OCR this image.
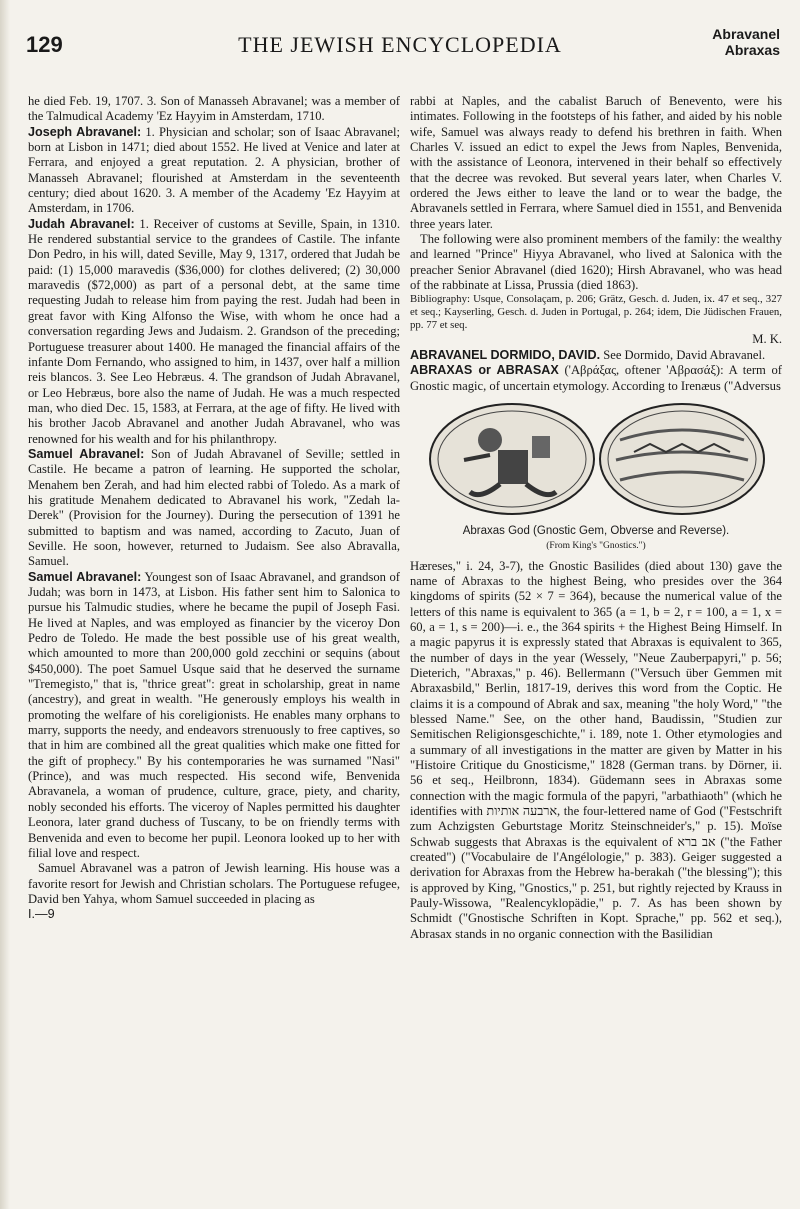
129	THE JEWISH ENCYCLOPEDIA	Abravanel
Abraxas

he died Feb. 19, 1707. 3. Son of Manasseh Abravanel; was a member of the Talmudical Academy 'Ez Hayyim in Amsterdam, 1710.

Joseph Abravanel: 1. Physician and scholar; son of Isaac Abravanel; born at Lisbon in 1471; died about 1552. He lived at Venice and later at Ferrara, and enjoyed a great reputation. 2. A physician, brother of Manasseh Abravanel; flourished at Amsterdam in the seventeenth century; died about 1620. 3. A member of the Academy 'Ez Hayyim at Amsterdam, in 1706.

Judah Abravanel: 1. Receiver of customs at Seville, Spain, in 1310. He rendered substantial service to the grandees of Castile. The infante Don Pedro, in his will, dated Seville, May 9, 1317, ordered that Judah be paid: (1) 15,000 maravedis ($36,000) for clothes delivered; (2) 30,000 maravedis ($72,000) as part of a personal debt, at the same time requesting Judah to release him from paying the rest. Judah had been in great favor with King Alfonso the Wise, with whom he once had a conversation regarding Jews and Judaism. 2. Grandson of the preceding; Portuguese treasurer about 1400. He managed the financial affairs of the infante Dom Fernando, who assigned to him, in 1437, over half a million reis blancos. 3. See Leo Hebræus. 4. The grandson of Judah Abravanel, or Leo Hebræus, bore also the name of Judah. He was a much respected man, who died Dec. 15, 1583, at Ferrara, at the age of fifty. He lived with his brother Jacob Abravanel and another Judah Abravanel, who was renowned for his wealth and for his philanthropy.

Samuel Abravanel: Son of Judah Abravanel of Seville; settled in Castile. He became a patron of learning. He supported the scholar, Menahem ben Zerah, and had him elected rabbi of Toledo. As a mark of his gratitude Menahem dedicated to Abravanel his work, "Zedah la-Derek" (Provision for the Journey). During the persecution of 1391 he submitted to baptism and was named, according to Zacuto, Juan of Seville. He soon, however, returned to Judaism. See also Abravalla, Samuel.

Samuel Abravanel: Youngest son of Isaac Abravanel, and grandson of Judah; was born in 1473, at Lisbon. His father sent him to Salonica to pursue his Talmudic studies, where he became the pupil of Joseph Fasi. He lived at Naples, and was employed as financier by the viceroy Don Pedro de Toledo. He made the best possible use of his great wealth, which amounted to more than 200,000 gold zecchini or sequins (about $450,000). The poet Samuel Usque said that he deserved the surname "Tremegisto," that is, "thrice great": great in scholarship, great in name (ancestry), and great in wealth. "He generously employs his wealth in promoting the welfare of his coreligionists. He enables many orphans to marry, supports the needy, and endeavors strenuously to free captives, so that in him are combined all the great qualities which make one fitted for the gift of prophecy." By his contemporaries he was surnamed "Nasi" (Prince), and was much respected. His second wife, Benvenida Abravanela, a woman of prudence, culture, grace, piety, and charity, nobly seconded his efforts. The viceroy of Naples permitted his daughter Leonora, later grand duchess of Tuscany, to be on friendly terms with Benvenida and even to become her pupil. Leonora looked up to her with filial love and respect.

Samuel Abravanel was a patron of Jewish learning. His house was a favorite resort for Jewish and Christian scholars. The Portuguese refugee, David ben Yahya, whom Samuel succeeded in placing as

I.—9

rabbi at Naples, and the cabalist Baruch of Benevento, were his intimates. Following in the footsteps of his father, and aided by his noble wife, Samuel was always ready to defend his brethren in faith. When Charles V. issued an edict to expel the Jews from Naples, Benvenida, with the assistance of Leonora, intervened in their behalf so effectively that the decree was revoked. But several years later, when Charles V. ordered the Jews either to leave the land or to wear the badge, the Abravanels settled in Ferrara, where Samuel died in 1551, and Benvenida three years later.

The following were also prominent members of the family: the wealthy and learned "Prince" Hiyya Abravanel, who lived at Salonica with the preacher Senior Abravanel (died 1620); Hirsh Abravanel, who was head of the rabbinate at Lissa, Prussia (died 1863).

Bibliography: Usque, Consolaçam, p. 206; Grätz, Gesch. d. Juden, ix. 47 et seq., 327 et seq.; Kayserling, Gesch. d. Juden in Portugal, p. 264; idem, Die Jüdischen Frauen, pp. 77 et seq.

M. K.

ABRAVANEL DORMIDO, DAVID. See Dormido, David Abravanel.

ABRAXAS or ABRASAX ('Αβράξας, oftener 'Αβρασάξ): A term of Gnostic magic, of uncertain etymology. According to Irenæus ("Adversus

Abraxas God (Gnostic Gem, Obverse and Reverse).
(From King's "Gnostics.")

Hæreses," i. 24, 3-7), the Gnostic Basilides (died about 130) gave the name of Abraxas to the highest Being, who presides over the 364 kingdoms of spirits (52 × 7 = 364), because the numerical value of the letters of this name is equivalent to 365 (a = 1, b = 2, r = 100, a = 1, x = 60, a = 1, s = 200)—i. e., the 364 spirits + the Highest Being Himself. In a magic papyrus it is expressly stated that Abraxas is equivalent to 365, the number of days in the year (Wessely, "Neue Zauberpapyri," p. 56; Dieterich, "Abraxas," p. 46). Bellermann ("Versuch über Gemmen mit Abraxasbild," Berlin, 1817-19, derives this word from the Coptic. He claims it is a compound of Abrak and sax, meaning "the holy Word," "the blessed Name." See, on the other hand, Baudissin, "Studien zur Semitischen Religionsgeschichte," i. 189, note 1. Other etymologies and a summary of all investigations in the matter are given by Matter in his "Histoire Critique du Gnosticisme," 1828 (German trans. by Dörner, ii. 56 et seq., Heilbronn, 1834). Güdemann sees in Abraxas some connection with the magic formula of the papyri, "arbathiaoth" (which he identifies with ארבעה אותיות, the four-lettered name of God ("Festschrift zum Achzigsten Geburtstage Moritz Steinschneider's," p. 15). Moïse Schwab suggests that Abraxas is the equivalent of אב ברא ("the Father created") ("Vocabulaire de l'Angélologie," p. 383). Geiger suggested a derivation for Abraxas from the Hebrew ha-berakah ("the blessing"); this is approved by King, "Gnostics," p. 251, but rightly rejected by Krauss in Pauly-Wissowa, "Realencyklopädie," p. 7. As has been shown by Schmidt ("Gnostische Schriften in Kopt. Sprache," pp. 562 et seq.), Abrasax stands in no organic connection with the Basilidian
